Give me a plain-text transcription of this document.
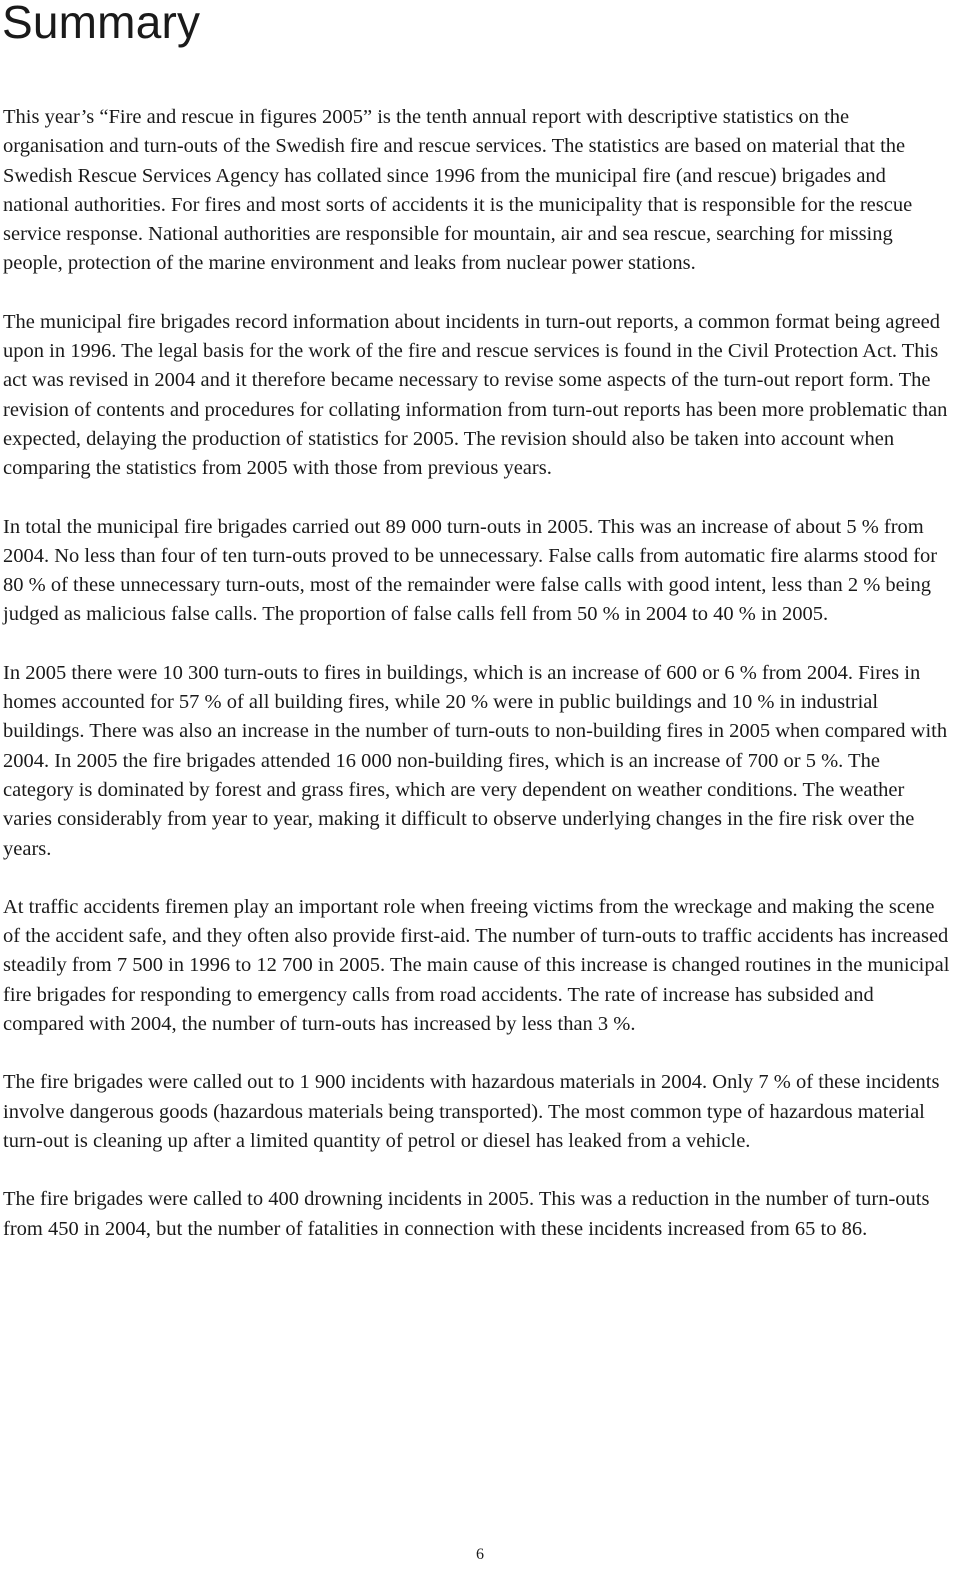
Summary

This year’s “Fire and rescue in figures 2005” is the tenth annual report with descriptive statistics on the organisation and turn-outs of the Swedish fire and rescue services. The statistics are based on material that the Swedish Rescue Services Agency has collated since 1996 from the municipal fire (and rescue) brigades and national authorities. For fires and most sorts of accidents it is the municipality that is responsible for the rescue service response. National authorities are responsible for mountain, air and sea rescue, searching for missing people, protection of the marine environment and leaks from nuclear power stations.

The municipal fire brigades record information about incidents in turn-out reports, a common format being agreed upon in 1996. The legal basis for the work of the fire and rescue services is found in the Civil Protection Act. This act was revised in 2004 and it therefore became necessary to revise some aspects of the turn-out report form. The revision of contents and procedures for collating information from turn-out reports has been more problematic than expected, delaying the production of statistics for 2005. The revision should also be taken into account when comparing the statistics from 2005 with those from previous years.

In total the municipal fire brigades carried out 89 000 turn-outs in 2005. This was an increase of about 5 % from 2004. No less than four of ten turn-outs proved to be unnecessary. False calls from automatic fire alarms stood for 80 % of these unnecessary turn-outs, most of the remainder were false calls with good intent, less than 2 % being judged as malicious false calls. The proportion of false calls fell from 50 % in 2004 to 40 % in 2005.

In 2005 there were 10 300 turn-outs to fires in buildings, which is an increase of 600 or 6 % from 2004. Fires in homes accounted for 57 % of all building fires, while 20 % were in public buildings and 10 % in industrial buildings. There was also an increase in the number of turn-outs to non-building fires in 2005 when compared with 2004. In 2005 the fire brigades attended 16 000 non-building fires, which is an increase of 700 or 5 %. The category is dominated by forest and grass fires, which are very dependent on weather conditions. The weather varies considerably from year to year, making it difficult to observe underlying changes in the fire risk over the years.

At traffic accidents firemen play an important role when freeing victims from the wreckage and making the scene of the accident safe, and they often also provide first-aid. The number of turn-outs to traffic accidents has increased steadily from 7 500 in 1996 to 12 700 in 2005. The main cause of this increase is changed routines in the municipal fire brigades for responding to emergency calls from road accidents. The rate of increase has subsided and compared with 2004, the number of turn-outs has increased by less than 3 %.

The fire brigades were called out to 1 900 incidents with hazardous materials in 2004. Only 7 % of these incidents involve dangerous goods (hazardous materials being transported). The most common type of hazardous material turn-out is cleaning up after a limited quantity of petrol or diesel has leaked from a vehicle.

The fire brigades were called to 400 drowning incidents in 2005. This was a reduction in the number of turn-outs from 450 in 2004, but the number of fatalities in connection with these incidents increased from 65 to 86.

6
